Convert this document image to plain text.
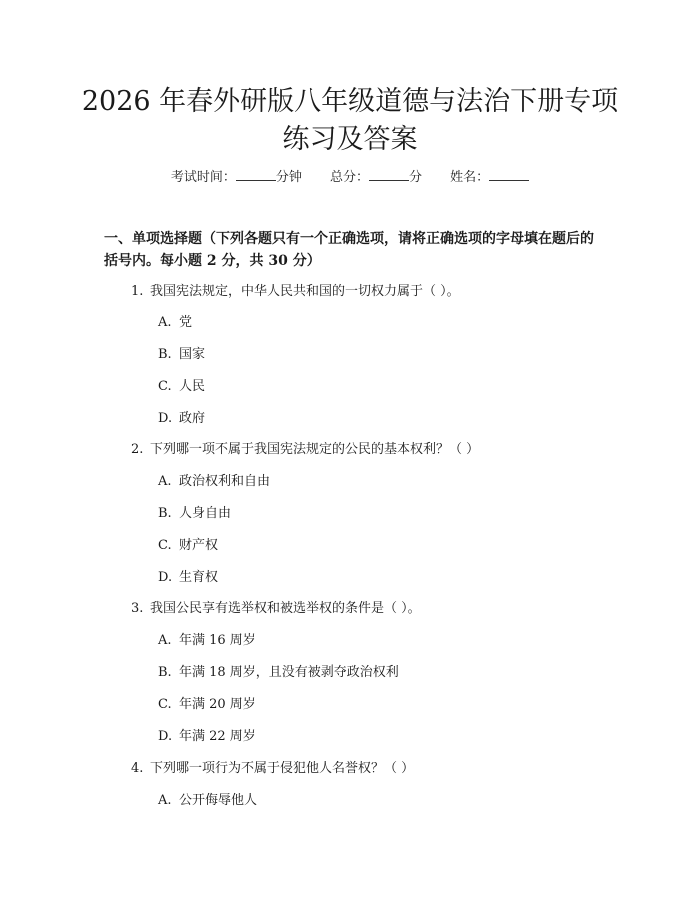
2026 年春外研版八年级道德与法治下册专项
练习及答案
考试时间：	分钟 总分：	分 姓名：
一、单项选择题（下列各题只有一个正确选项，请将正确选项的字母填在题后的括号内。每小题 2 分，共 30 分）
1. 我国宪法规定，中华人民共和国的一切权力属于（ ）。
A. 党
B. 国家
C. 人民
D. 政府
2. 下列哪一项不属于我国宪法规定的公民的基本权利？（ ）
A. 政治权利和自由
B. 人身自由
C. 财产权
D. 生育权
3. 我国公民享有选举权和被选举权的条件是（ ）。
A. 年满 16 周岁
B. 年满 18 周岁，且没有被剥夺政治权利
C. 年满 20 周岁
D. 年满 22 周岁
4. 下列哪一项行为不属于侵犯他人名誉权？（ ）
A. 公开侮辱他人
